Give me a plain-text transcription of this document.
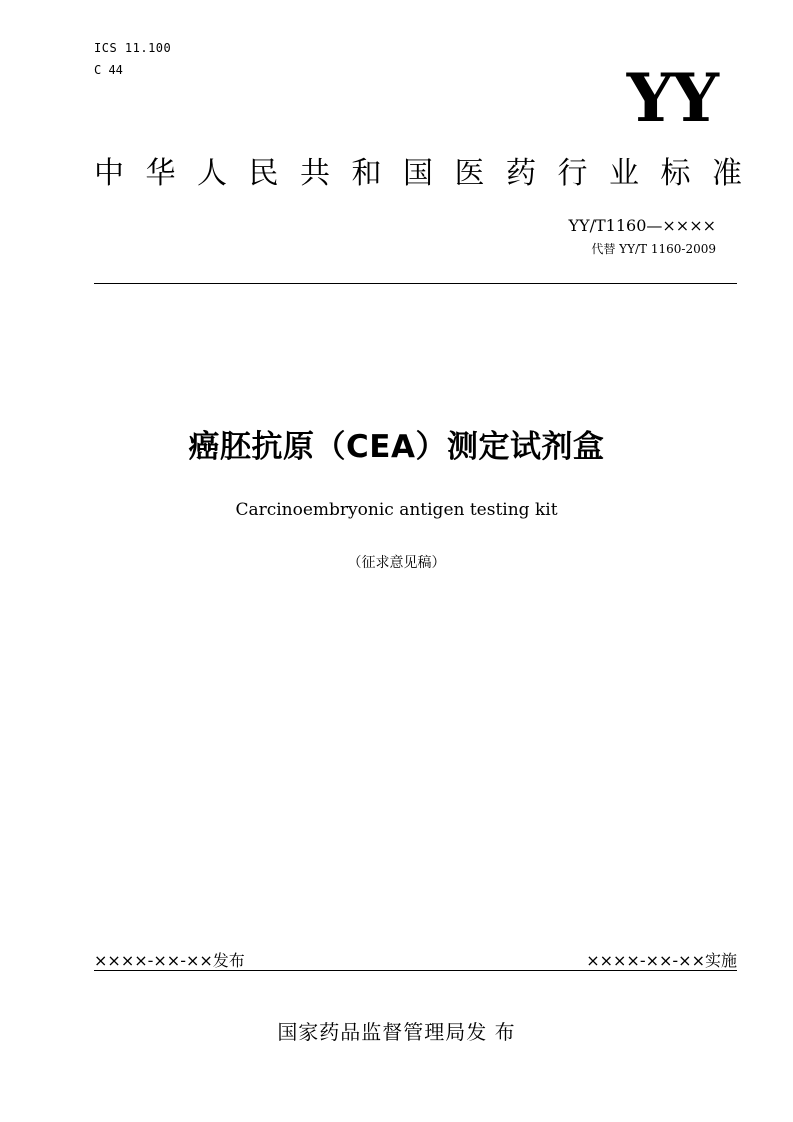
ICS 11.100
C 44	YY
中 华 人 民 共 和 国 医 药 行 业 标 准
YY/T1160—××××
代替 YY/T 1160-2009
癌胚抗原（CEA）测定试剂盒
Carcinoembryonic antigen testing kit
（征求意见稿）
××××-××-××发布	××××-××-××实施
国家药品监督管理局发 布
